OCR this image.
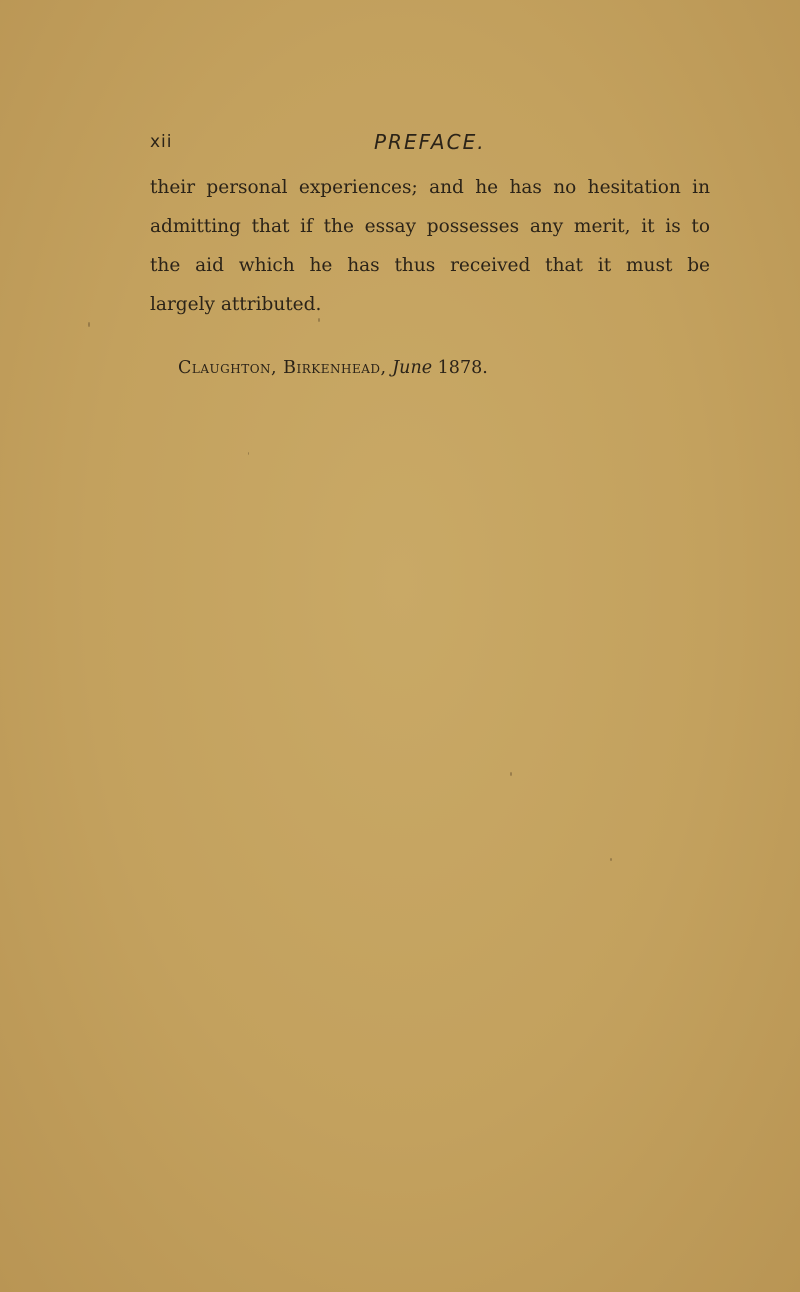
xii	PREFACE.
their personal experiences; and he has no hesitation in
admitting that if the essay possesses any merit, it is to
the aid which he has thus received that it must be
largely attributed.
Claughton, Birkenhead, June 1878.
